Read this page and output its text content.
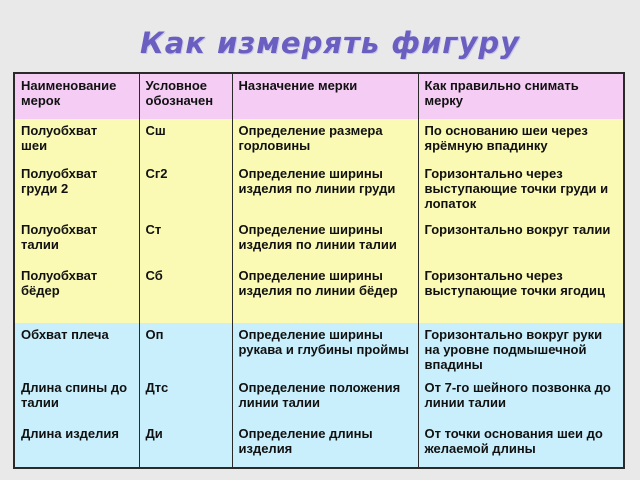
Как измерять фигуру
Наименование мерок	Условное обозначен	Назначение мерки	Как правильно снимать мерку
Полуобхват
шеи	Сш	Определение размера горловины	По основанию шеи через ярёмную впадинку
Полуобхват
груди 2	Сг2	Определение ширины изделия по линии груди	Горизонтально через выступающие точки груди и лопаток
Полуобхват
талии	Ст	Определение ширины изделия по линии талии	Горизонтально вокруг талии
Полуобхват
бёдер	Сб	Определение ширины изделия по линии бёдер	Горизонтально через выступающие точки ягодиц
Обхват плеча	Оп	Определение ширины рукава и глубины проймы	Горизонтально вокруг руки на уровне подмышечной впадины
Длина спины до талии	Дтс	Определение положения линии талии	От 7-го шейного позвонка до линии талии
Длина изделия	Ди	Определение длины изделия	От точки основания шеи до желаемой длины
